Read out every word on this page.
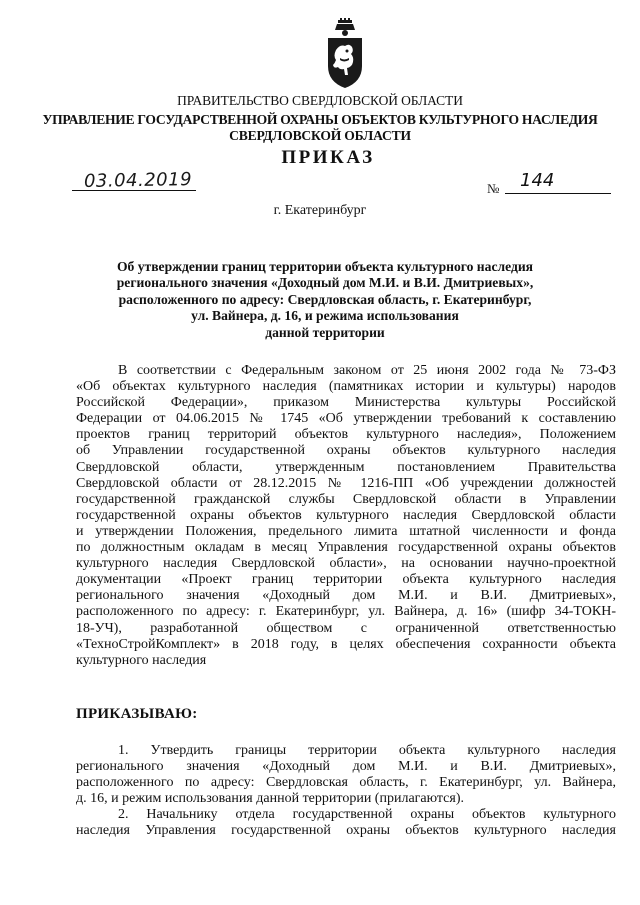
ПРАВИТЕЛЬСТВО СВЕРДЛОВСКОЙ ОБЛАСТИ
УПРАВЛЕНИЕ ГОСУДАРСТВЕННОЙ ОХРАНЫ ОБЪЕКТОВ КУЛЬТУРНОГО НАСЛЕДИЯ
СВЕРДЛОВСКОЙ ОБЛАСТИ
ПРИКАЗ
03.04.2019	№ 144
г. Екатеринбург
Об утверждении границ территории объекта культурного наследия
регионального значения «Доходный дом М.И. и В.И. Дмитриевых»,
расположенного по адресу: Свердловская область, г. Екатеринбург,
ул. Вайнера, д. 16, и режима использования
данной территории
В соответствии с Федеральным законом от 25 июня 2002 года № 73-ФЗ
«Об объектах культурного наследия (памятниках истории и культуры) народов
Российской Федерации», приказом Министерства культуры Российской
Федерации от 04.06.2015 № 1745 «Об утверждении требований к составлению
проектов границ территорий объектов культурного наследия», Положением
об Управлении государственной охраны объектов культурного наследия
Свердловской области, утвержденным постановлением Правительства
Свердловской области от 28.12.2015 № 1216-ПП «Об учреждении должностей
государственной гражданской службы Свердловской области в Управлении
государственной охраны объектов культурного наследия Свердловской области
и утверждении Положения, предельного лимита штатной численности и фонда
по должностным окладам в месяц Управления государственной охраны объектов
культурного наследия Свердловской области», на основании научно-проектной
документации «Проект границ территории объекта культурного наследия
регионального значения «Доходный дом М.И. и В.И. Дмитриевых»,
расположенного по адресу: г. Екатеринбург, ул. Вайнера, д. 16» (шифр 34-ТОКН-
18-УЧ), разработанной обществом с ограниченной ответственностью
«ТехноСтройКомплект» в 2018 году, в целях обеспечения сохранности объекта
культурного наследия
ПРИКАЗЫВАЮ:
1. Утвердить границы территории объекта культурного наследия
регионального значения «Доходный дом М.И. и В.И. Дмитриевых»,
расположенного по адресу: Свердловская область, г. Екатеринбург, ул. Вайнера,
д. 16, и режим использования данной территории (прилагаются).
2. Начальнику отдела государственной охраны объектов культурного
наследия Управления государственной охраны объектов культурного наследия
